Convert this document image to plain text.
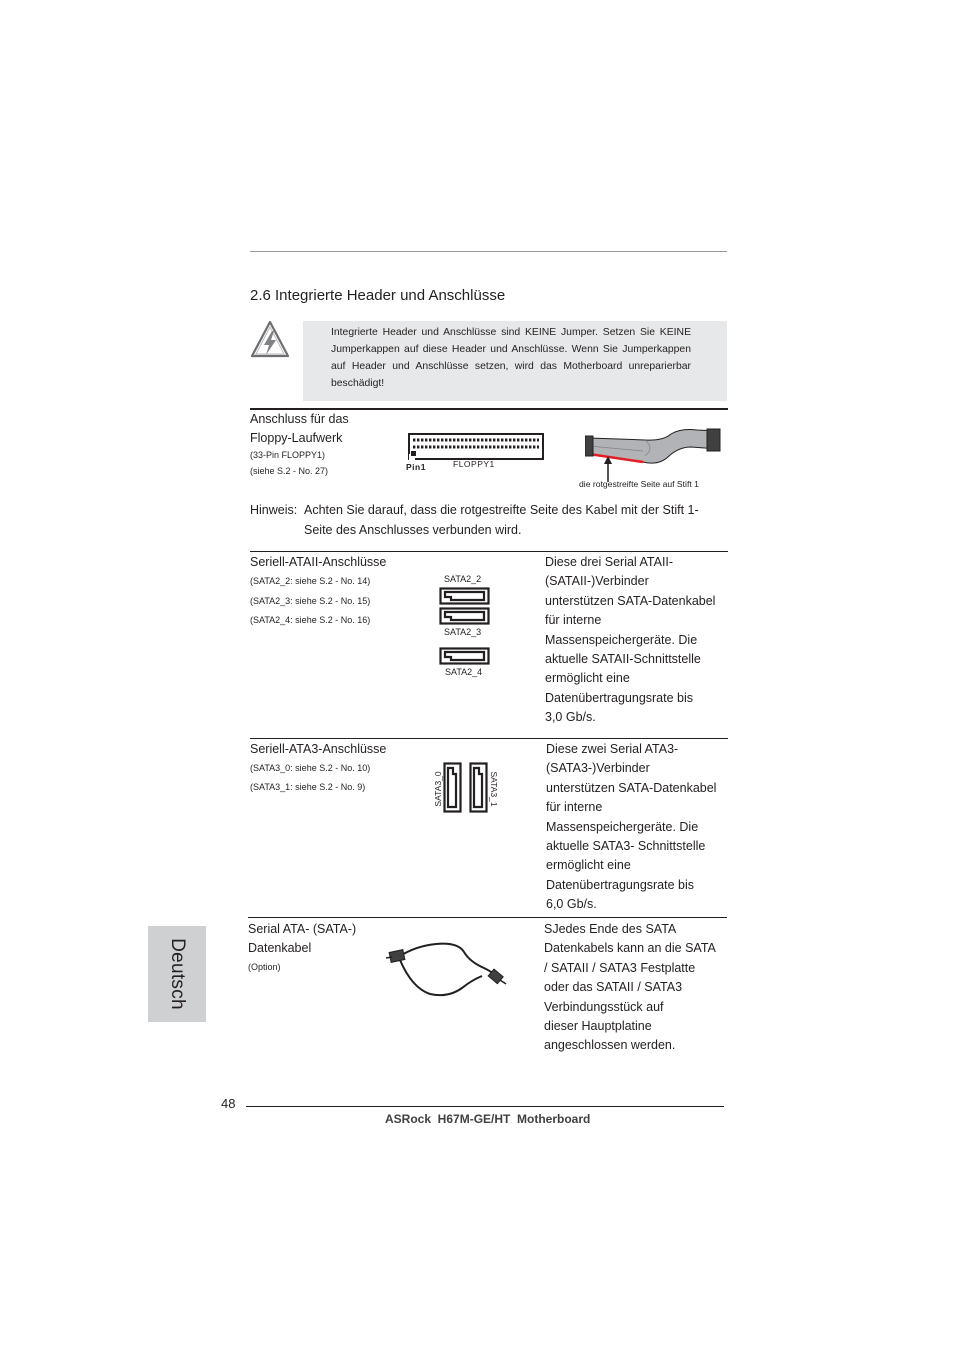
2.6 Integrierte Header und Anschlüsse

Integrierte Header und Anschlüsse sind KEINE Jumper. Setzen Sie KEINE Jumperkappen auf diese Header und Anschlüsse. Wenn Sie Jumperkappen auf Header und Anschlüsse setzen, wird das Motherboard unreparierbar beschädigt!

Anschluss für das
Floppy-Laufwerk
(33-Pin FLOPPY1)
(siehe S.2 - No. 27)	Pin1	FLOPPY1
die rotgestreifte Seite auf Stift 1
Hinweis: Achten Sie darauf, dass die rotgestreifte Seite des Kabel mit der Stift 1-
Seite des Anschlusses verbunden wird.
Seriell-ATAII-Anschlüsse
(SATA2_2: siehe S.2 - No. 14)
(SATA2_3: siehe S.2 - No. 15)
(SATA2_4: siehe S.2 - No. 16)
SATA2_2
SATA2_3
SATA2_4
Diese drei Serial ATAII-
(SATAII-)Verbinder
unterstützen SATA-Datenkabel
für interne
Massenspeichergeräte. Die
aktuelle SATAII-Schnittstelle
ermöglicht eine
Datenübertragungsrate bis
3,0 Gb/s.
Seriell-ATA3-Anschlüsse
(SATA3_0: siehe S.2 - No. 10)
(SATA3_1: siehe S.2 - No. 9)	SATA3_0	SATA3_1
Diese zwei Serial ATA3-
(SATA3-)Verbinder
unterstützen SATA-Datenkabel
für interne
Massenspeichergeräte. Die
aktuelle SATA3- Schnittstelle
ermöglicht eine
Datenübertragungsrate bis
6,0 Gb/s.
Serial ATA- (SATA-)
Datenkabel
(Option)
SJedes Ende des SATA
Datenkabels kann an die SATA
/ SATAII / SATA3 Festplatte
oder das SATAII / SATA3
Verbindungsstück auf
dieser Hauptplatine
angeschlossen werden.
Deutsch
48
ASRock  H67M-GE/HT  Motherboard
